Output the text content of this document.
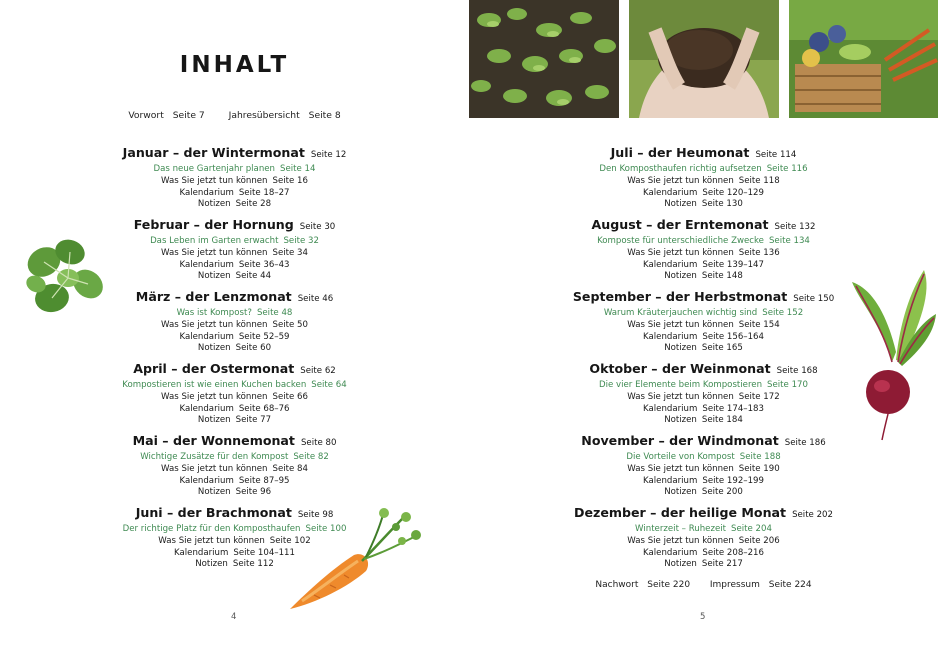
INHALT
Vorwort Seite 7	Jahresübersicht Seite 8
Januar – der Wintermonat Seite 12
Das neue Gartenjahr planen Seite 14
Was Sie jetzt tun können Seite 16
Kalendarium Seite 18–27
Notizen Seite 28
Februar – der Hornung Seite 30
Das Leben im Garten erwacht Seite 32
Was Sie jetzt tun können Seite 34
Kalendarium Seite 36–43
Notizen Seite 44
März – der Lenzmonat Seite 46
Was ist Kompost? Seite 48
Was Sie jetzt tun können Seite 50
Kalendarium Seite 52–59
Notizen Seite 60
April – der Ostermonat Seite 62
Kompostieren ist wie einen Kuchen backen Seite 64
Was Sie jetzt tun können Seite 66
Kalendarium Seite 68–76
Notizen Seite 77
Mai – der Wonnemonat Seite 80
Wichtige Zusätze für den Kompost Seite 82
Was Sie jetzt tun können Seite 84
Kalendarium Seite 87–95
Notizen Seite 96
Juni – der Brachmonat Seite 98
Der richtige Platz für den Komposthaufen Seite 100
Was Sie jetzt tun können Seite 102
Kalendarium Seite 104–111
Notizen Seite 112
4
Juli – der Heumonat Seite 114
Den Komposthaufen richtig aufsetzen Seite 116
Was Sie jetzt tun können Seite 118
Kalendarium Seite 120–129
Notizen Seite 130
August – der Erntemonat Seite 132
Komposte für unterschiedliche Zwecke Seite 134
Was Sie jetzt tun können Seite 136
Kalendarium Seite 139–147
Notizen Seite 148
September – der Herbstmonat Seite 150
Warum Kräuterjauchen wichtig sind Seite 152
Was Sie jetzt tun können Seite 154
Kalendarium Seite 156–164
Notizen Seite 165
Oktober – der Weinmonat Seite 168
Die vier Elemente beim Kompostieren Seite 170
Was Sie jetzt tun können Seite 172
Kalendarium Seite 174–183
Notizen Seite 184
November – der Windmonat Seite 186
Die Vorteile von Kompost Seite 188
Was Sie jetzt tun können Seite 190
Kalendarium Seite 192–199
Notizen Seite 200
Dezember – der heilige Monat Seite 202
Winterzeit – Ruhezeit Seite 204
Was Sie jetzt tun können Seite 206
Kalendarium Seite 208–216
Notizen Seite 217
Nachwort Seite 220 Impressum Seite 224
5
